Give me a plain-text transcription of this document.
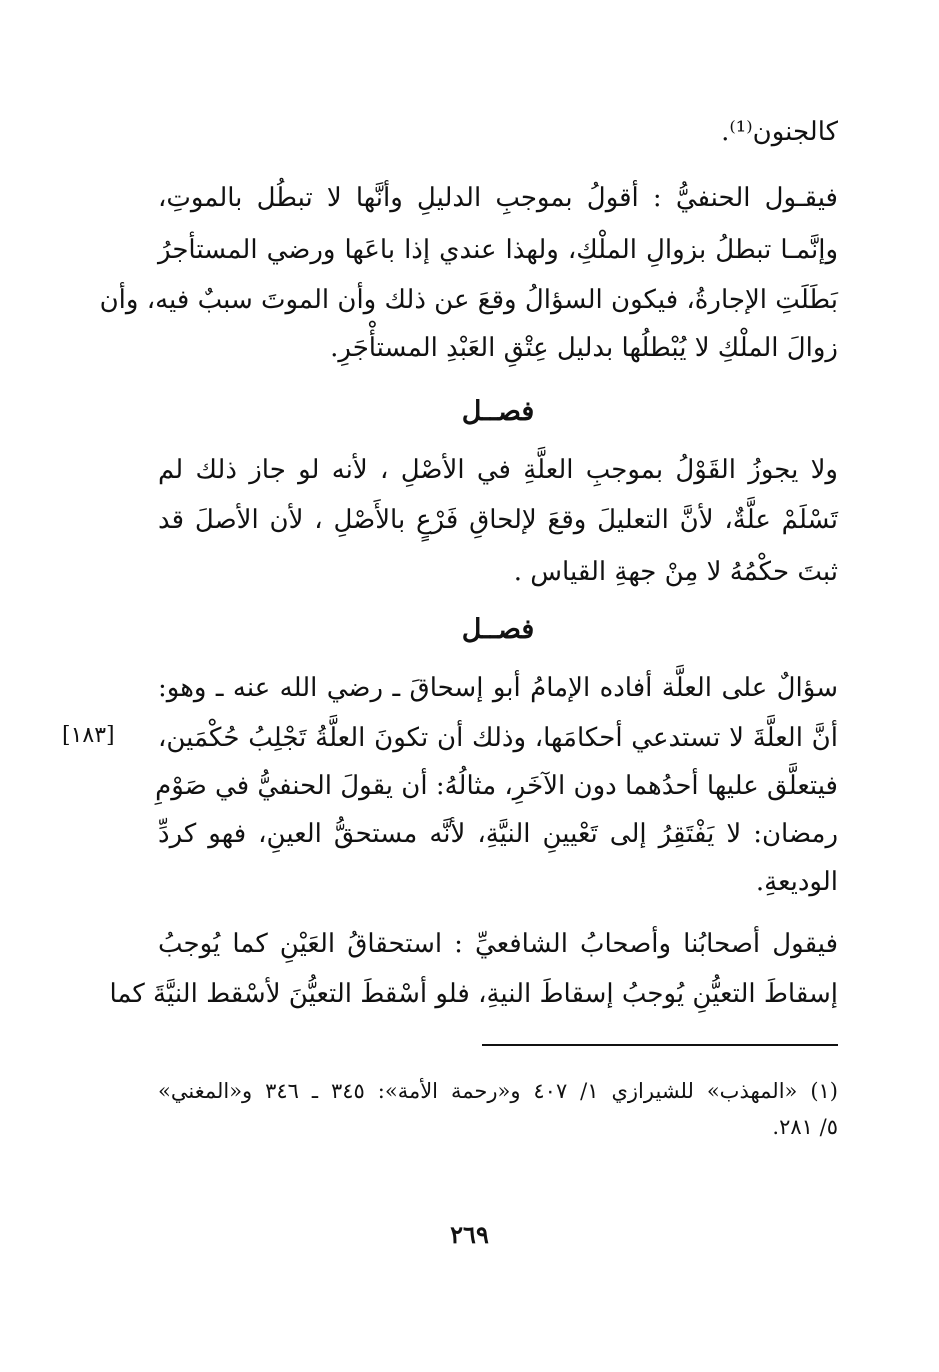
كالجنون⁽¹⁾.
فيقـول الحنفيُّ : أقولُ بموجبِ الدليلِ وأنَّها لا تبطُل بالموتِ،
وإنَّمـا تبطلُ بزوالِ الملْكِ، ولهذا عندي إذا باعَها ورضي المستأجرُ
بَطَلَتِ الإجارةُ، فيكون السؤالُ وقعَ عن ذلك وأن الموتَ سببٌ فيه، وأن
زوالَ الملْكِ لا يُبْطلُها بدليل عِتْقِ العَبْدِ المستأْجَرِ.
فصــل
ولا يجوزُ القَوْلُ بموجبِ العلَّةِ في الأصْلِ ، لأنه لو جاز ذلك لم
تَسْلَمْ علَّةٌ، لأنَّ التعليلَ وقعَ لإلحاقِ فَرْعٍ بالأَصْلِ ، لأن الأصلَ قد
ثبتَ حكْمُهُ لا مِنْ جهةِ القياس .
فصــل
سؤالٌ على العلَّة أفاده الإمامُ أبو إسحاقَ ـ رضي الله عنه ـ وهو:
أنَّ العلَّةَ لا تستدعي أحكامَها، وذلك أن تكونَ العلَّةُ تَجْلِبُ حُكْمَين،
فيتعلَّق عليها أحدُهما دون الآخَرِ، مثالُهُ: أن يقولَ الحنفيُّ في صَوْمِ
رمضان: لا يَفْتَقِرُ إلى تَعْيينِ النيَّةِ، لأنَّه مستحقُّ العينِ، فهو كردِّ
الوديعةِ.
[١٨٣]
فيقول أصحابُنا وأصحابُ الشافعيِّ : استحقاقُ العَيْنِ كما يُوجبُ
إسقاطَ التعيُّنِ يُوجبُ إسقاطَ النيةِ، فلو أسْقطَ التعيُّنَ لأسْقط النيَّةَ كما
(١) «المهذب» للشيرازي ١/ ٤٠٧ و«رحمة الأمة»: ٣٤٥ ـ ٣٤٦ و«المغني»
٥/ ٢٨١.
٢٦٩
